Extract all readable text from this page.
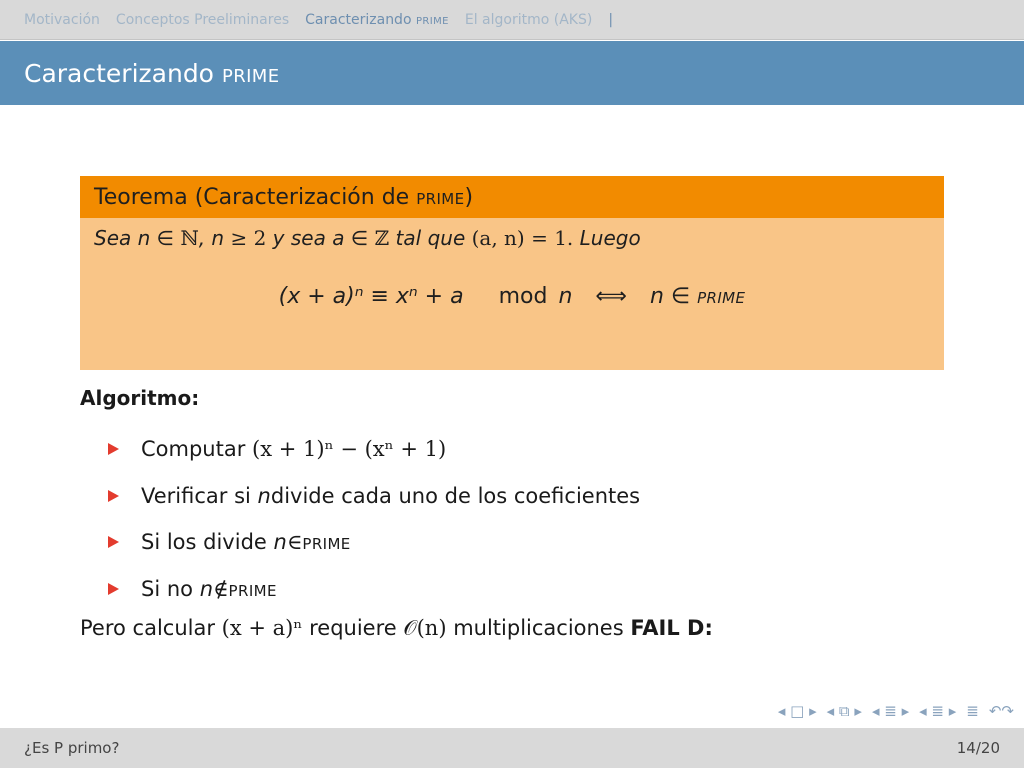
Motivación Conceptos Preeliminares Caracterizando prime El algoritmo (AKS) |
Caracterizando
prime
Teorema (Caracterización de
prime )
Sea n ∈ ℕ, n ≥ 2 y sea a ∈ ℤ tal que (a, n) = 1. Luego
(x + a)ⁿ ≡ xⁿ + a mod n ⟺ n ∈ prime
Algoritmo:
Computar
(x + 1)ⁿ − (xⁿ + 1)
Verificar si
n divide cada uno de los coeficientes
Si los divide
n ∈ prime
Si no
n ∉ prime
Pero calcular (x + a)ⁿ requiere 𝒪(n) multiplicaciones FAIL D:
◂ □ ▸ ◂ ⧉ ▸ ◂ ≣ ▸ ◂ ≣ ▸ ≣ ↶↷
¿Es P primo?	14/20
